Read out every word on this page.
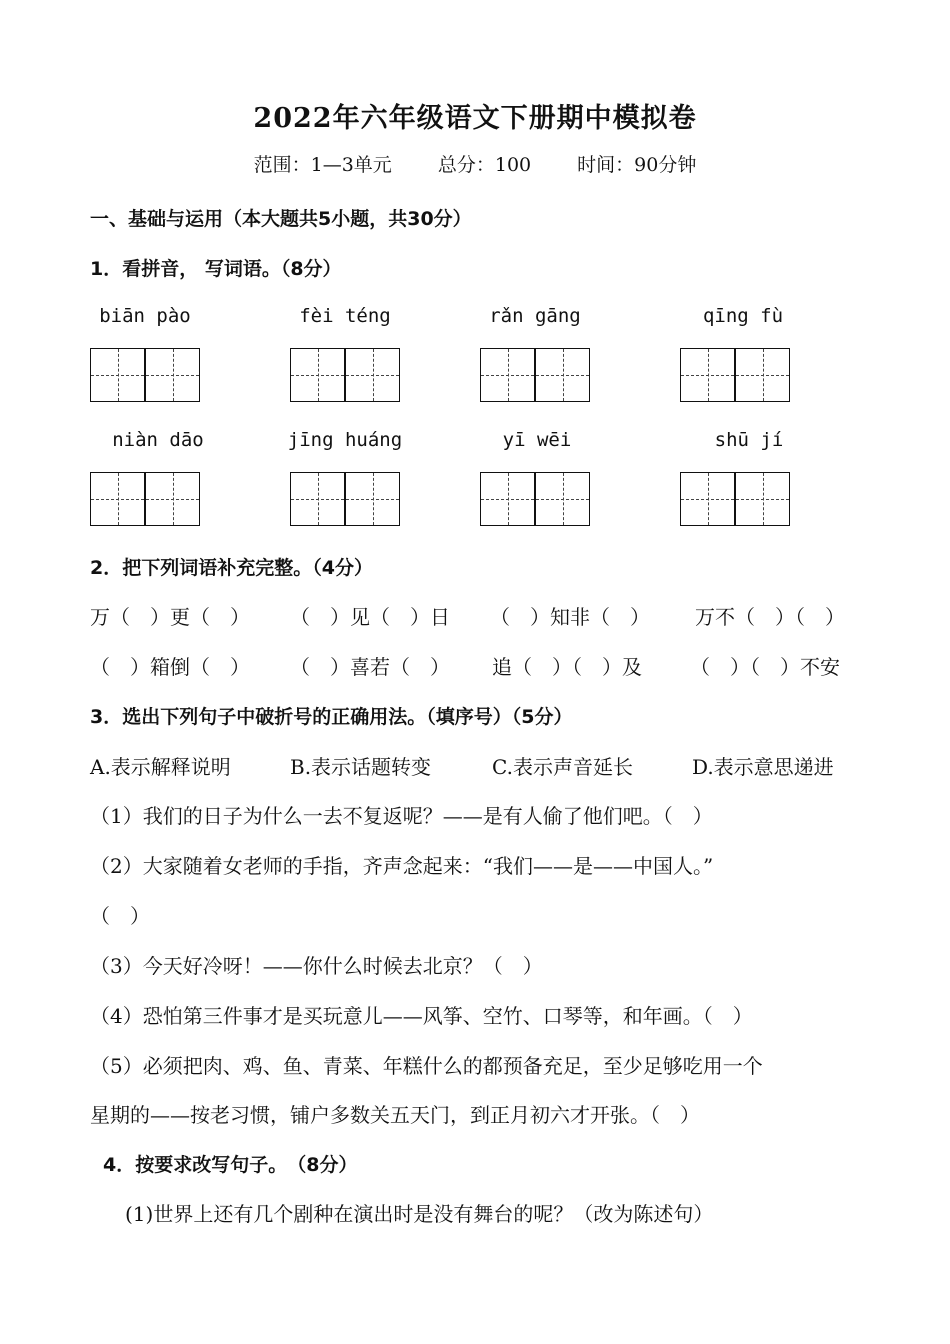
2022年六年级语文下册期中模拟卷
范围：1—3单元 总分：100 时间：90分钟
一、基础与运用（本大题共5小题，共30分）
1．看拼音， 写词语。（8分）
biān pào	fèi téng	rǎn gāng	qīng fù
niàn dāo	jīng huáng	yī wēi	shū jí
2．把下列词语补充完整。（4分）
万（　）更（　） （　）见（　）日 （　）知非（　） 万不（　）（　）
（　）箱倒（　） （　）喜若（　） 追（　）（　）及 （　）（　）不安
3．选出下列句子中破折号的正确用法。（填序号）（5分）
A.表示解释说明	B.表示话题转变	C.表示声音延长	D.表示意思递进
（1）我们的日子为什么一去不复返呢？——是有人偷了他们吧。（　）
（2）大家随着女老师的手指，齐声念起来：“我们——是——中国人。”
（　）
（3）今天好冷呀！——你什么时候去北京？（　）
（4）恐怕第三件事才是买玩意儿——风筝、空竹、口琴等，和年画。（　）
（5）必须把肉、鸡、鱼、青菜、年糕什么的都预备充足，至少足够吃用一个
星期的——按老习惯，铺户多数关五天门，到正月初六才开张。（　）
4．按要求改写句子。　（8分）
(1)世界上还有几个剧种在演出时是没有舞台的呢？（改为陈述句）
